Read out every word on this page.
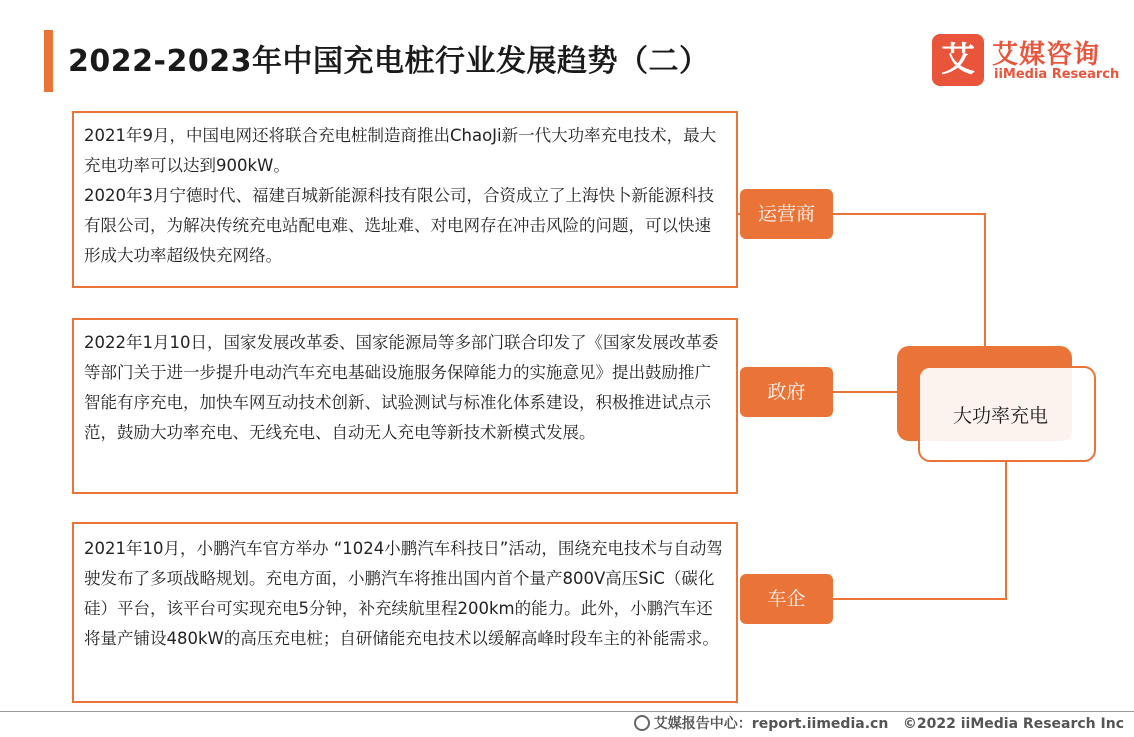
2022-2023年中国充电桩行业发展趋势（二）	艾 艾媒咨询
iiMedia Research

2021年9月，中国电网还将联合充电桩制造商推出ChaoJi新一代大功率充电技术，最大充电功率可以达到900kW。

2020年3月宁德时代、福建百城新能源科技有限公司，合资成立了上海快卜新能源科技有限公司，为解决传统充电站配电难、选址难、对电网存在冲击风险的问题，可以快速形成大功率超级快充网络。

运营商

2022年1月10日，国家发展改革委、国家能源局等多部门联合印发了《国家发展改革委等部门关于进一步提升电动汽车充电基础设施服务保障能力的实施意见》提出鼓励推广智能有序充电，加快车网互动技术创新、试验测试与标准化体系建设，积极推进试点示范，鼓励大功率充电、无线充电、自动无人充电等新技术新模式发展。

政府

2021年10月，小鹏汽车官方举办 “1024小鹏汽车科技日”活动，围绕充电技术与自动驾驶发布了多项战略规划。充电方面，小鹏汽车将推出国内首个量产800V高压SiC（碳化硅）平台，该平台可实现充电5分钟，补充续航里程200km的能力。此外，小鹏汽车还将量产铺设480kW的高压充电桩；自研储能充电技术以缓解高峰时段车主的补能需求。

车企
大功率充电
艾媒报告中心：report.iimedia.cn ©2022 iiMedia Research Inc
